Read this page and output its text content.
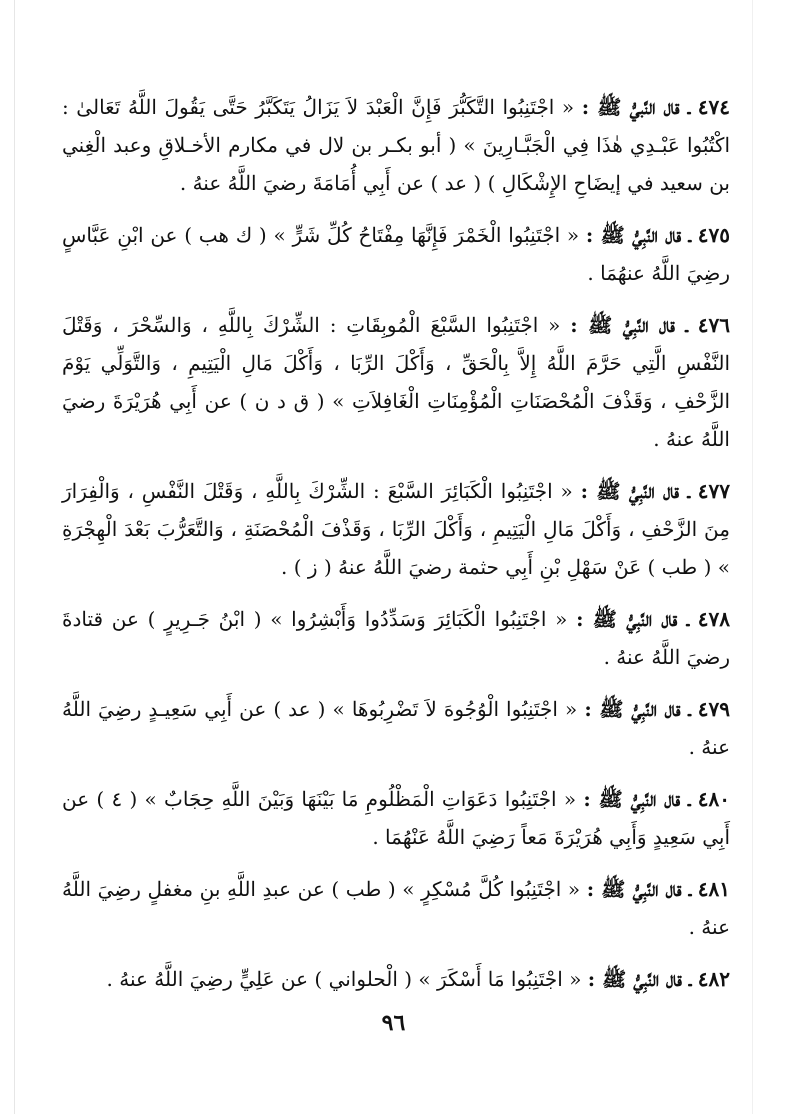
٤٧٤ ـ قال النَّبيُّ ﷺ : « اجْتَنِبُوا التَّكَبُّرَ فَإِنَّ الْعَبْدَ لاَ يَزَالُ يَتَكَبَّرُ حَتَّى يَقُولَ اللَّهُ تَعَالىٰ : اكْتُبُوا عَبْـدِي هٰذَا فِي الْجَبَّـارِينَ » ( أبو بكـر بن لال في مكارم الأخـلاقِ وعبد الْغِني بن سعيد في إيضَاحِ الإِشْكَالِ ) ( عد ) عن أَبِي أُمَامَةَ رضيَ اللَّهُ عنهُ .

٤٧٥ ـ قال النَّبِيُّ ﷺ : « اجْتَنِبُوا الْخَمْرَ فَإِنَّهَا مِفْتَاحُ كُلِّ شَرٍّ » ( ك هب ) عن ابْنِ عَبَّاسٍ رضِيَ اللَّهُ عنهُمَا .

٤٧٦ ـ قال النَّبِيُّ ﷺ : « اجْتَنِبُوا السَّبْعَ الْمُوبِقَاتِ : الشِّرْكَ بِاللَّهِ ، وَالسِّحْرَ ، وَقَتْلَ النَّفْسِ الَّتِي حَرَّمَ اللَّهُ إِلاَّ بِالْحَقِّ ، وَأَكْلَ الرِّبَا ، وَأَكْلَ مَالِ الْيَتِيمِ ، وَالتَّوَلِّي يَوْمَ الزَّحْفِ ، وَقَذْفَ الْمُحْصَنَاتِ الْمُؤْمِنَاتِ الْغَافِلاَتِ » ( ق د ن ) عن أَبِي هُرَيْرَةَ رضيَ اللَّهُ عنهُ .

٤٧٧ ـ قال النَّبِيُّ ﷺ : « اجْتَنِبُوا الْكَبَائِرَ السَّبْعَ : الشِّرْكَ بِاللَّهِ ، وَقَتْلَ النَّفْسِ ، وَالْفِرَارَ مِنَ الزَّحْفِ ، وَأَكْلَ مَالِ الْيَتِيمِ ، وَأَكْلَ الرِّبَا ، وَقَذْفَ الْمُحْصَنَةِ ، وَالتَّعَرُّبَ بَعْدَ الْهِجْرَةِ » ( طب ) عَنْ سَهْلِ بْنِ أَبِي حثمة رضيَ اللَّهُ عنهُ ( ز ) .

٤٧٨ ـ قال النَّبِيُّ ﷺ : « اجْتَنِبُوا الْكَبَائِرَ وَسَدِّدُوا وَأَبْشِرُوا » ( ابْنُ جَـرِيرٍ ) عن قتادةَ رضيَ اللَّهُ عنهُ .

٤٧٩ ـ قال النَّبِيُّ ﷺ : « اجْتَنِبُوا الْوُجُوهَ لاَ تَضْرِبُوهَا » ( عد ) عن أَبِي سَعِيـدٍ رضِيَ اللَّهُ عنهُ .

٤٨٠ ـ قال النَّبِيُّ ﷺ : « اجْتَنِبُوا دَعَوَاتِ الْمَظْلُومِ مَا بَيْنَهَا وَبَيْنَ اللَّهِ حِجَابٌ » ( ٤ ) عن أَبِي سَعِيدٍ وَأَبِي هُرَيْرَةَ مَعاً رَضِيَ اللَّهُ عَنْهُمَا .

٤٨١ ـ قال النَّبِيُّ ﷺ : « اجْتَنِبُوا كُلَّ مُسْكِرٍ » ( طب ) عن عبدِ اللَّهِ بنِ مغفلٍ رضِيَ اللَّهُ عنهُ .

٤٨٢ ـ قال النَّبِيُّ ﷺ : « اجْتَنِبُوا مَا أَسْكَرَ » ( الْحلواني ) عن عَلِيٍّ رضِيَ اللَّهُ عنهُ .

٩٦
